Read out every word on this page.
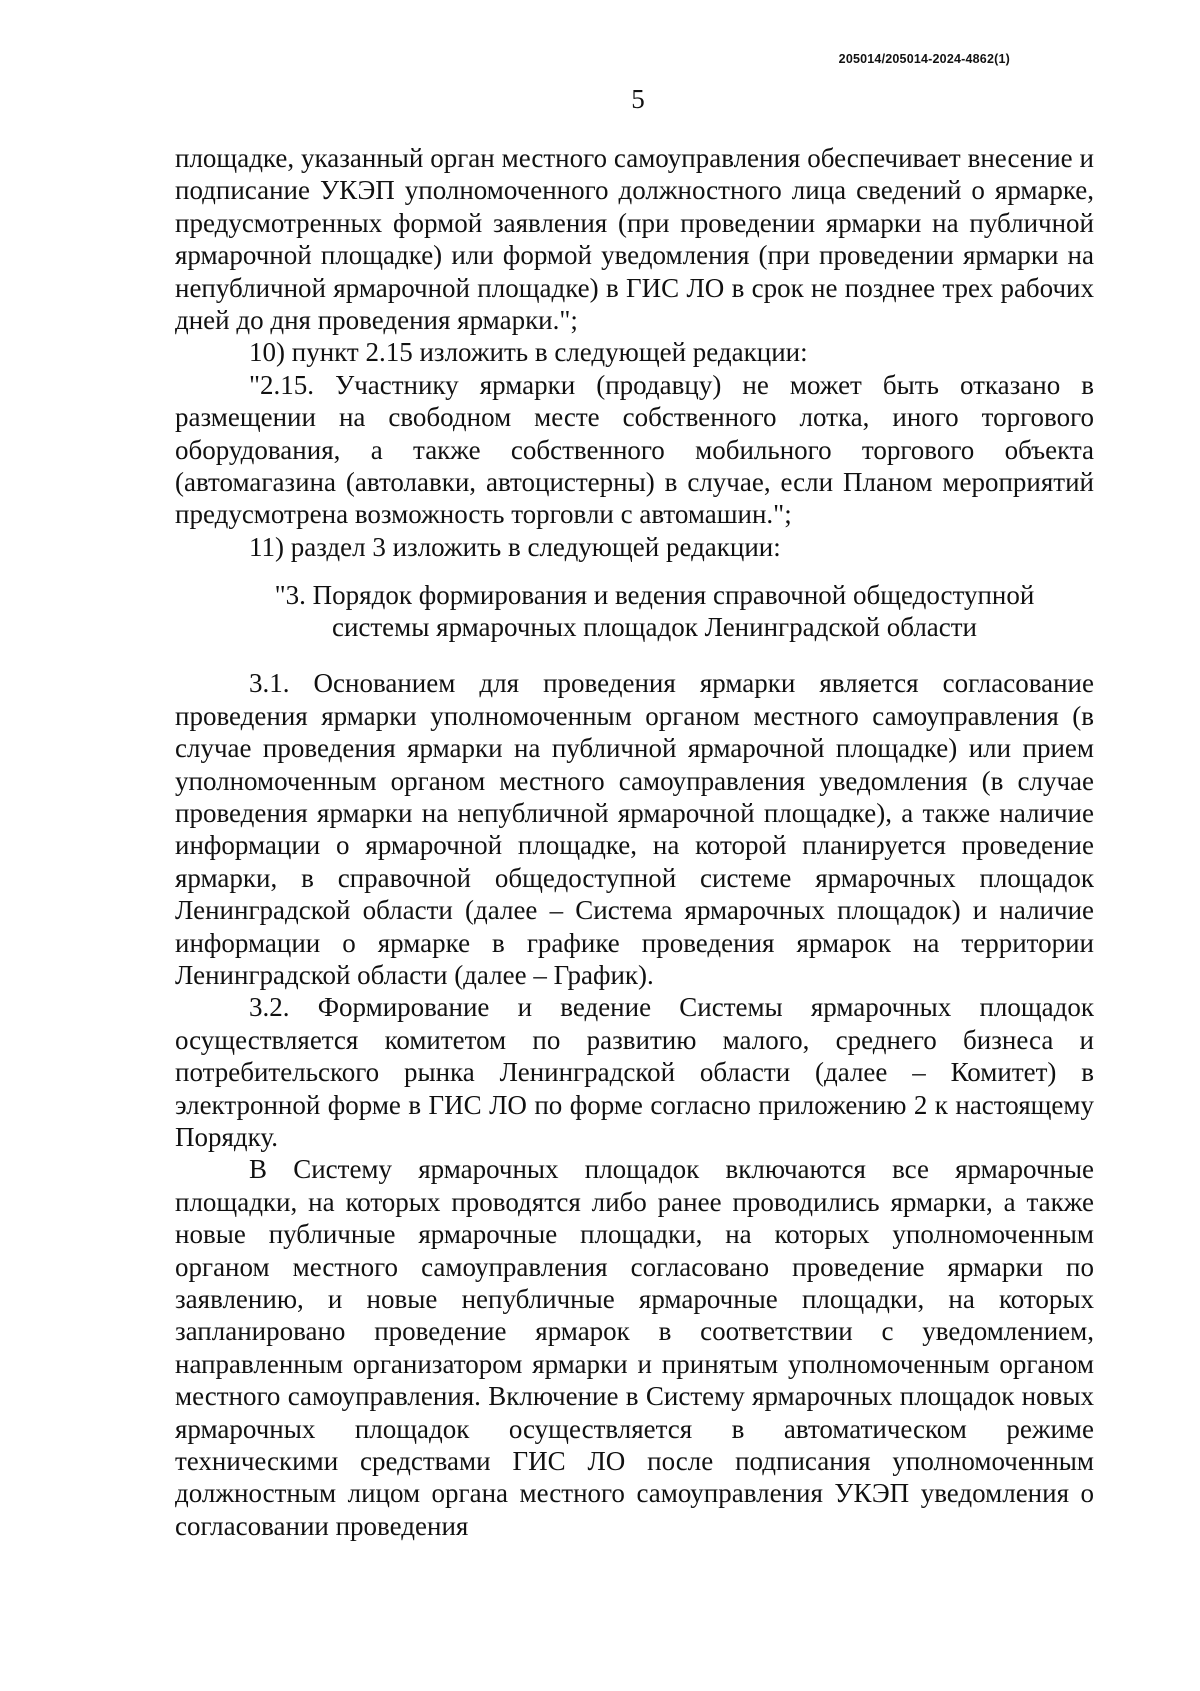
205014/205014-2024-4862(1)
5

площадке, указанный орган местного самоуправления обеспечивает внесение и подписание УКЭП уполномоченного должностного лица сведений о ярмарке, предусмотренных формой заявления (при проведении ярмарки на публичной ярмарочной площадке) или формой уведомления (при проведении ярмарки на непубличной ярмарочной площадке) в ГИС ЛО в срок не позднее трех рабочих дней до дня проведения ярмарки.";

10) пункт 2.15 изложить в следующей редакции:

"2.15. Участнику ярмарки (продавцу) не может быть отказано в размещении на свободном месте собственного лотка, иного торгового оборудования, а также собственного мобильного торгового объекта (автомагазина (автолавки, автоцистерны) в случае, если Планом мероприятий предусмотрена возможность торговли с автомашин.";

11) раздел 3 изложить в следующей редакции:

"3. Порядок формирования и ведения справочной общедоступной
системы ярмарочных площадок Ленинградской области

3.1. Основанием для проведения ярмарки является согласование проведения ярмарки уполномоченным органом местного самоуправления (в случае проведения ярмарки на публичной ярмарочной площадке) или прием уполномоченным органом местного самоуправления уведомления (в случае проведения ярмарки на непубличной ярмарочной площадке), а также наличие информации о ярмарочной площадке, на которой планируется проведение ярмарки, в справочной общедоступной системе ярмарочных площадок Ленинградской области (далее – Система ярмарочных площадок) и наличие информации о ярмарке в графике проведения ярмарок на территории Ленинградской области (далее – График).

3.2. Формирование и ведение Системы ярмарочных площадок осуществляется комитетом по развитию малого, среднего бизнеса и потребительского рынка Ленинградской области (далее – Комитет) в электронной форме в ГИС ЛО по форме согласно приложению 2 к настоящему Порядку.

В Систему ярмарочных площадок включаются все ярмарочные площадки, на которых проводятся либо ранее проводились ярмарки, а также новые публичные ярмарочные площадки, на которых уполномоченным органом местного самоуправления согласовано проведение ярмарки по заявлению, и новые непубличные ярмарочные площадки, на которых запланировано проведение ярмарок в соответствии с уведомлением, направленным организатором ярмарки и принятым уполномоченным органом местного самоуправления. Включение в Систему ярмарочных площадок новых ярмарочных площадок осуществляется в автоматическом режиме техническими средствами ГИС ЛО после подписания уполномоченным должностным лицом органа местного самоуправления УКЭП уведомления о согласовании проведения
